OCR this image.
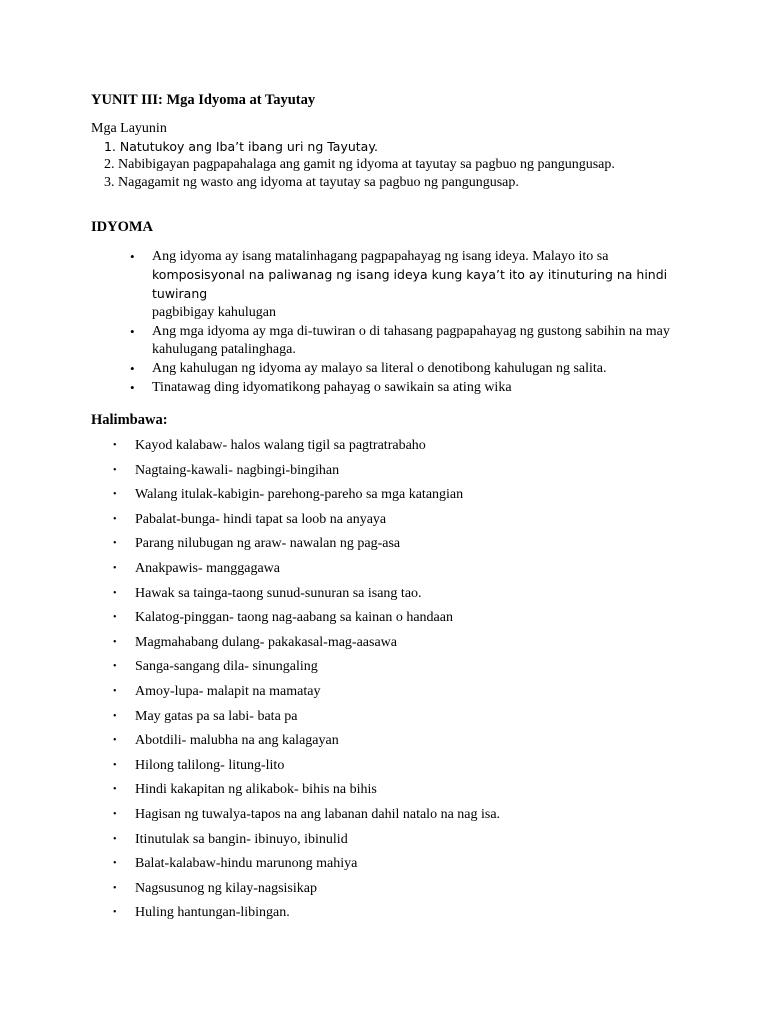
YUNIT III: Mga Idyoma at Tayutay
Mga Layunin
1. Natutukoy ang Iba’t ibang uri ng Tayutay.
2. Nabibigayan pagpapahalaga ang gamit ng idyoma at tayutay sa pagbuo ng pangungusap.
3. Nagagamit ng wasto ang idyoma at tayutay sa pagbuo ng pangungusap.
IDYOMA
• Ang idyoma ay isang matalinhagang pagpapahayag ng isang ideya. Malayo ito sa
komposisyonal na paliwanag ng isang ideya kung kaya’t ito ay itinuturing na hindi tuwirang
pagbibigay kahulugan
• Ang mga idyoma ay mga di-tuwiran o di tahasang pagpapahayag ng gustong sabihin na may kahulugang patalinghaga.
• Ang kahulugan ng idyoma ay malayo sa literal o denotibong kahulugan ng salita.
• Tinatawag ding idyomatikong pahayag o sawikain sa ating wika
Halimbawa:
• Kayod kalabaw- halos walang tigil sa pagtratrabaho
• Nagtaing-kawali- nagbingi-bingihan
• Walang itulak-kabigin- parehong-pareho sa mga katangian
• Pabalat-bunga- hindi tapat sa loob na anyaya
• Parang nilubugan ng araw- nawalan ng pag-asa
• Anakpawis- manggagawa
• Hawak sa tainga-taong sunud-sunuran sa isang tao.
• Kalatog-pinggan- taong nag-aabang sa kainan o handaan
• Magmahabang dulang- pakakasal-mag-aasawa
• Sanga-sangang dila- sinungaling
• Amoy-lupa- malapit na mamatay
• May gatas pa sa labi- bata pa
• Abotdili- malubha na ang kalagayan
• Hilong talilong- litung-lito
• Hindi kakapitan ng alikabok- bihis na bihis
• Hagisan ng tuwalya-tapos na ang labanan dahil natalo na nag isa.
• Itinutulak sa bangin- ibinuyo, ibinulid
• Balat-kalabaw-hindu marunong mahiya
• Nagsusunog ng kilay-nagsisikap
• Huling hantungan-libingan.
